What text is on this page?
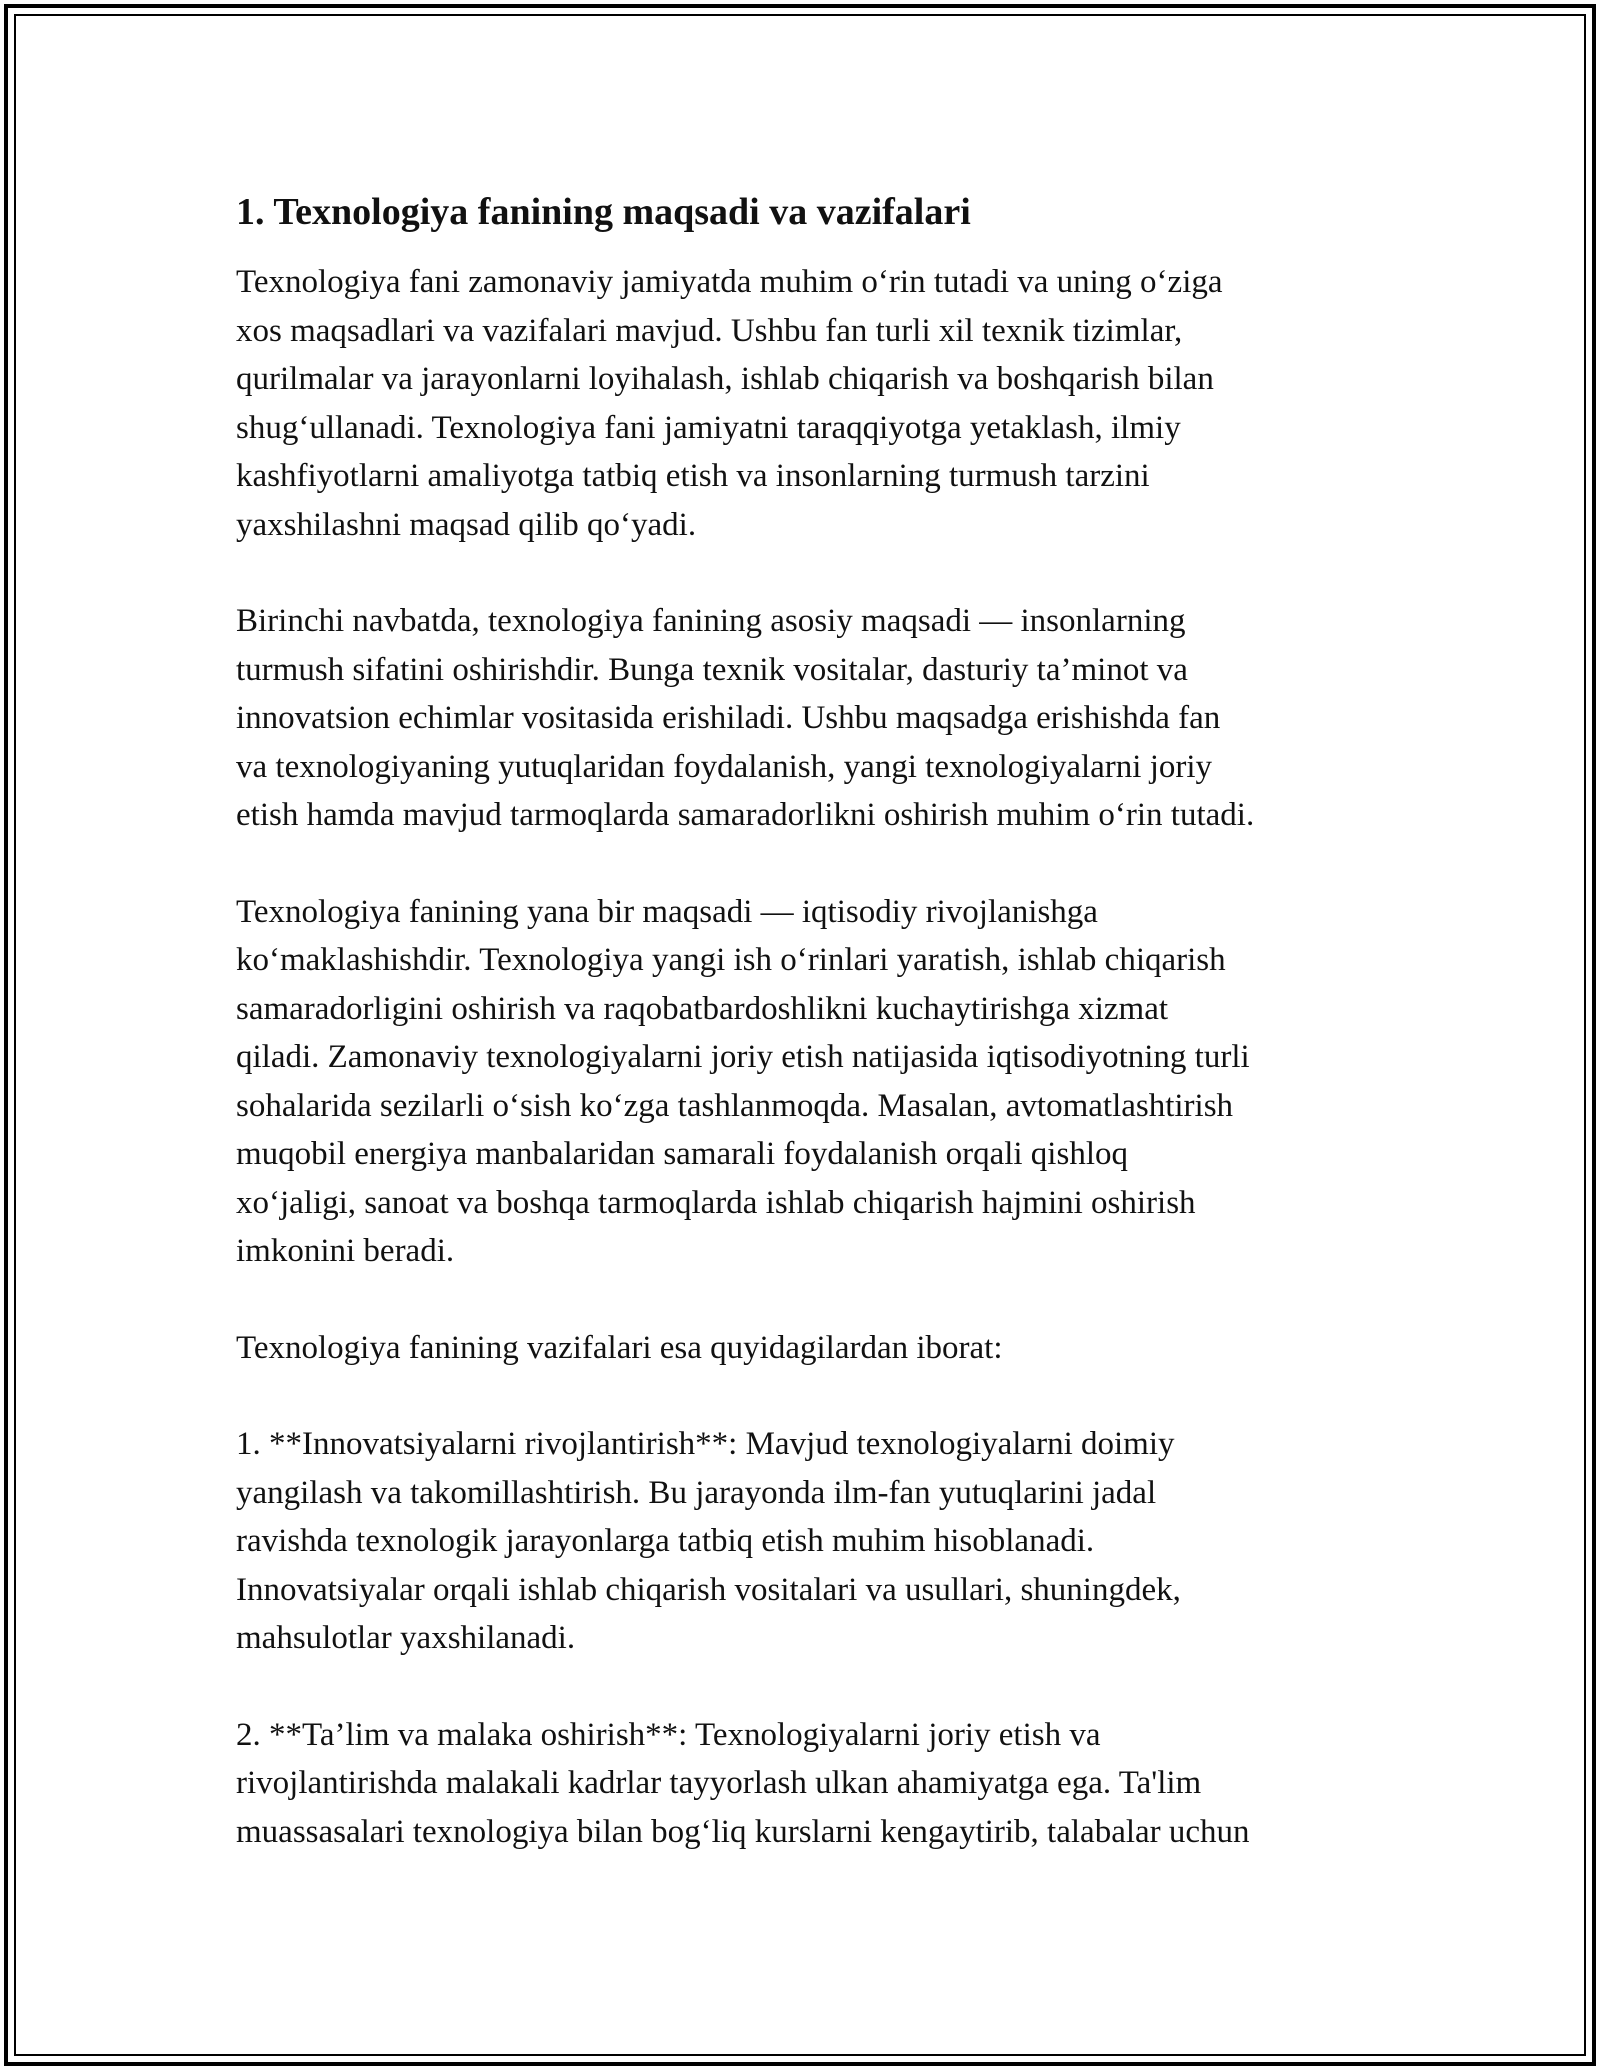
1. Texnologiya fanining maqsadi va vazifalari
Texnologiya fani zamonaviy jamiyatda muhim o‘rin tutadi va uning o‘ziga
xos maqsadlari va vazifalari mavjud. Ushbu fan turli xil texnik tizimlar,
qurilmalar va jarayonlarni loyihalash, ishlab chiqarish va boshqarish bilan
shug‘ullanadi. Texnologiya fani jamiyatni taraqqiyotga yetaklash, ilmiy
kashfiyotlarni amaliyotga tatbiq etish va insonlarning turmush tarzini
yaxshilashni maqsad qilib qo‘yadi.
Birinchi navbatda, texnologiya fanining asosiy maqsadi — insonlarning
turmush sifatini oshirishdir. Bunga texnik vositalar, dasturiy ta’minot va
innovatsion echimlar vositasida erishiladi. Ushbu maqsadga erishishda fan
va texnologiyaning yutuqlaridan foydalanish, yangi texnologiyalarni joriy
etish hamda mavjud tarmoqlarda samaradorlikni oshirish muhim o‘rin tutadi.
Texnologiya fanining yana bir maqsadi — iqtisodiy rivojlanishga
ko‘maklashishdir. Texnologiya yangi ish o‘rinlari yaratish, ishlab chiqarish
samaradorligini oshirish va raqobatbardoshlikni kuchaytirishga xizmat
qiladi. Zamonaviy texnologiyalarni joriy etish natijasida iqtisodiyotning turli
sohalarida sezilarli o‘sish ko‘zga tashlanmoqda. Masalan, avtomatlashtirish
muqobil energiya manbalaridan samarali foydalanish orqali qishloq
xo‘jaligi, sanoat va boshqa tarmoqlarda ishlab chiqarish hajmini oshirish
imkonini beradi.
Texnologiya fanining vazifalari esa quyidagilardan iborat:
1. **Innovatsiyalarni rivojlantirish**: Mavjud texnologiyalarni doimiy
yangilash va takomillashtirish. Bu jarayonda ilm-fan yutuqlarini jadal
ravishda texnologik jarayonlarga tatbiq etish muhim hisoblanadi.
Innovatsiyalar orqali ishlab chiqarish vositalari va usullari, shuningdek,
mahsulotlar yaxshilanadi.
2. **Ta’lim va malaka oshirish**: Texnologiyalarni joriy etish va
rivojlantirishda malakali kadrlar tayyorlash ulkan ahamiyatga ega. Ta'lim
muassasalari texnologiya bilan bog‘liq kurslarni kengaytirib, talabalar uchun
